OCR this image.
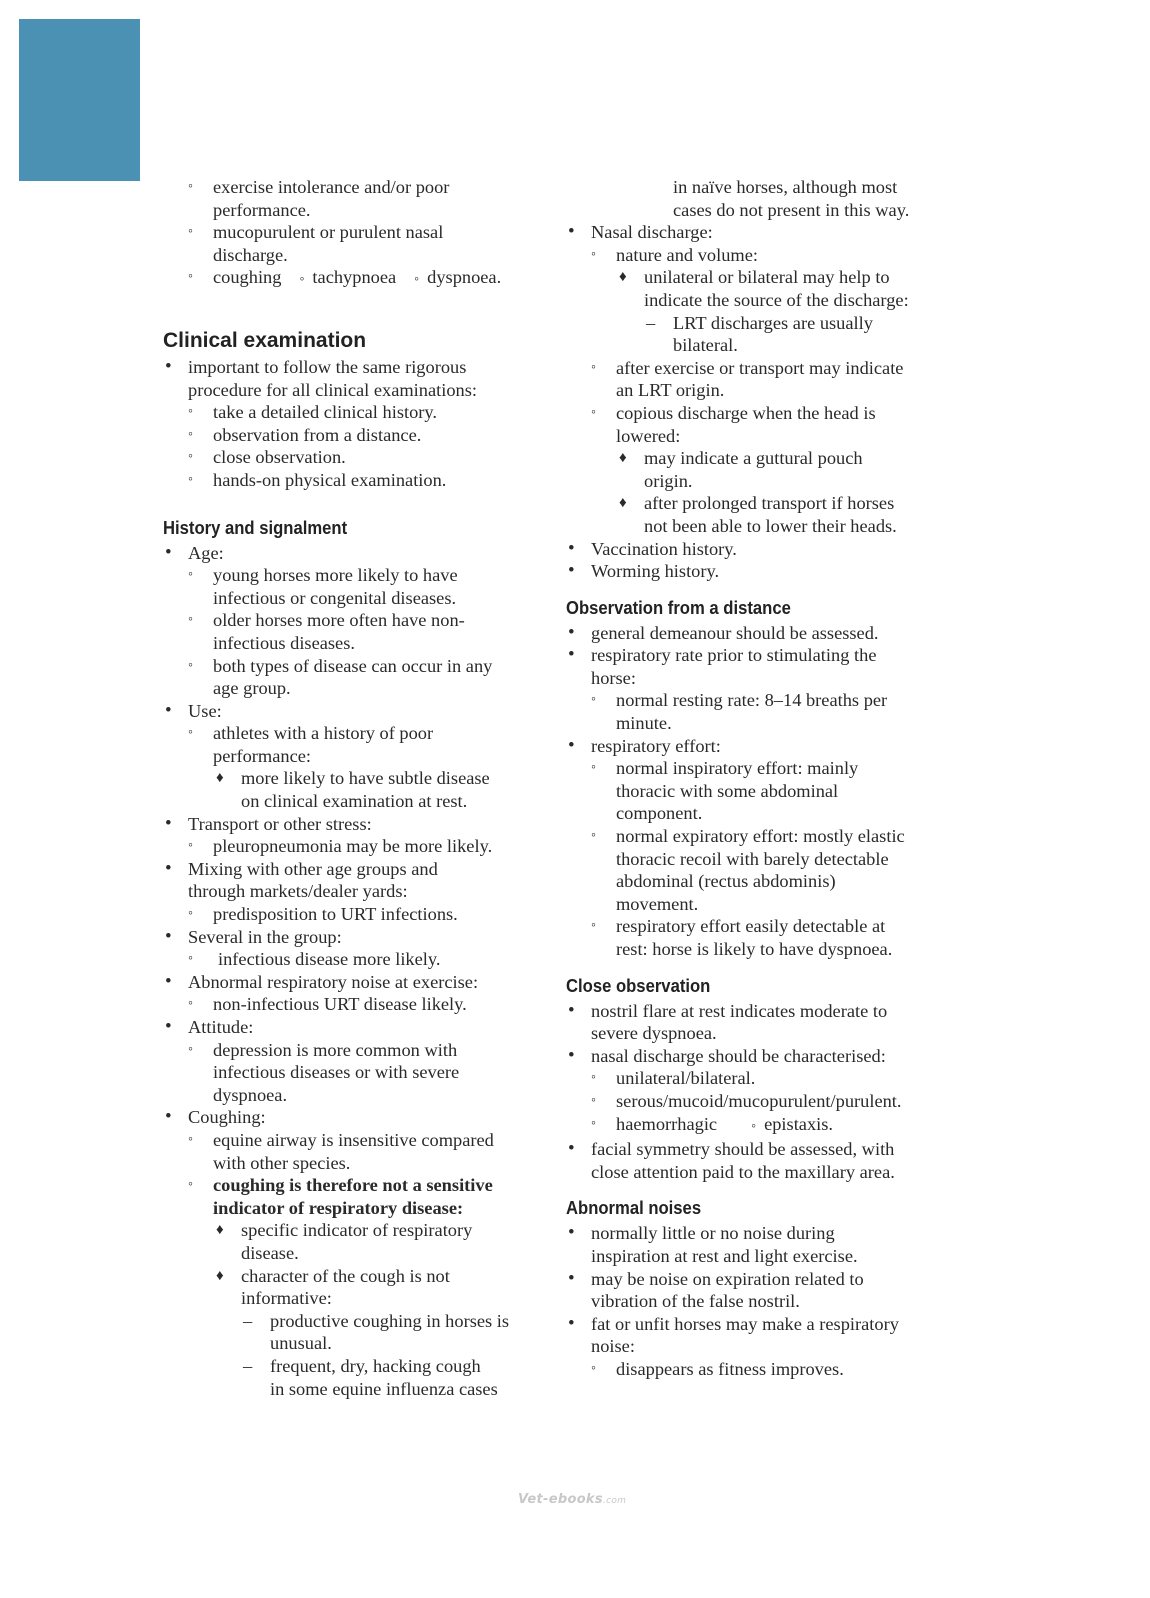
◦ exercise intolerance and/or poor
performance.
◦ mucopurulent or purulent nasal
discharge.
◦ coughing ◦ tachypnoea ◦ dyspnoea.
Clinical examination
• important to follow the same rigorous
procedure for all clinical examinations:
◦ take a detailed clinical history.
◦ observation from a distance.
◦ close observation.
◦ hands-on physical examination.
History and signalment
• Age:
◦ young horses more likely to have
infectious or congenital diseases.
◦ older horses more often have non-
infectious diseases.
◦ both types of disease can occur in any
age group.
• Use:
◦ athletes with a history of poor
performance:
♦ more likely to have subtle disease
on clinical examination at rest.
• Transport or other stress:
◦ pleuropneumonia may be more likely.
• Mixing with other age groups and
through markets/dealer yards:
◦ predisposition to URT infections.
• Several in the group:
◦ infectious disease more likely.
• Abnormal respiratory noise at exercise:
◦ non-infectious URT disease likely.
• Attitude:
◦ depression is more common with
infectious diseases or with severe
dyspnoea.
• Coughing:
◦ equine airway is insensitive compared
with other species.
◦ coughing is therefore not a sensitive
indicator of respiratory disease:
♦ specific indicator of respiratory
disease.
♦ character of the cough is not
informative:
– productive coughing in horses is
unusual.
– frequent, dry, hacking cough
in some equine influenza cases
in naïve horses, although most
cases do not present in this way.
• Nasal discharge:
◦ nature and volume:
♦ unilateral or bilateral may help to
indicate the source of the discharge:
– LRT discharges are usually
bilateral.
◦ after exercise or transport may indicate
an LRT origin.
◦ copious discharge when the head is
lowered:
♦ may indicate a guttural pouch
origin.
♦ after prolonged transport if horses
not been able to lower their heads.
• Vaccination history.
• Worming history.
Observation from a distance
• general demeanour should be assessed.
• respiratory rate prior to stimulating the
horse:
◦ normal resting rate: 8–14 breaths per
minute.
• respiratory effort:
◦ normal inspiratory effort: mainly
thoracic with some abdominal
component.
◦ normal expiratory effort: mostly elastic
thoracic recoil with barely detectable
abdominal (rectus abdominis)
movement.
◦ respiratory effort easily detectable at
rest: horse is likely to have dyspnoea.
Close observation
• nostril flare at rest indicates moderate to
severe dyspnoea.
• nasal discharge should be characterised:
◦ unilateral/bilateral.
◦ serous/mucoid/mucopurulent/purulent.
◦ haemorrhagic ◦ epistaxis.
• facial symmetry should be assessed, with
close attention paid to the maxillary area.
Abnormal noises
• normally little or no noise during
inspiration at rest and light exercise.
• may be noise on expiration related to
vibration of the false nostril.
• fat or unfit horses may make a respiratory
noise:
◦ disappears as fitness improves.
Vet-ebooks.com
